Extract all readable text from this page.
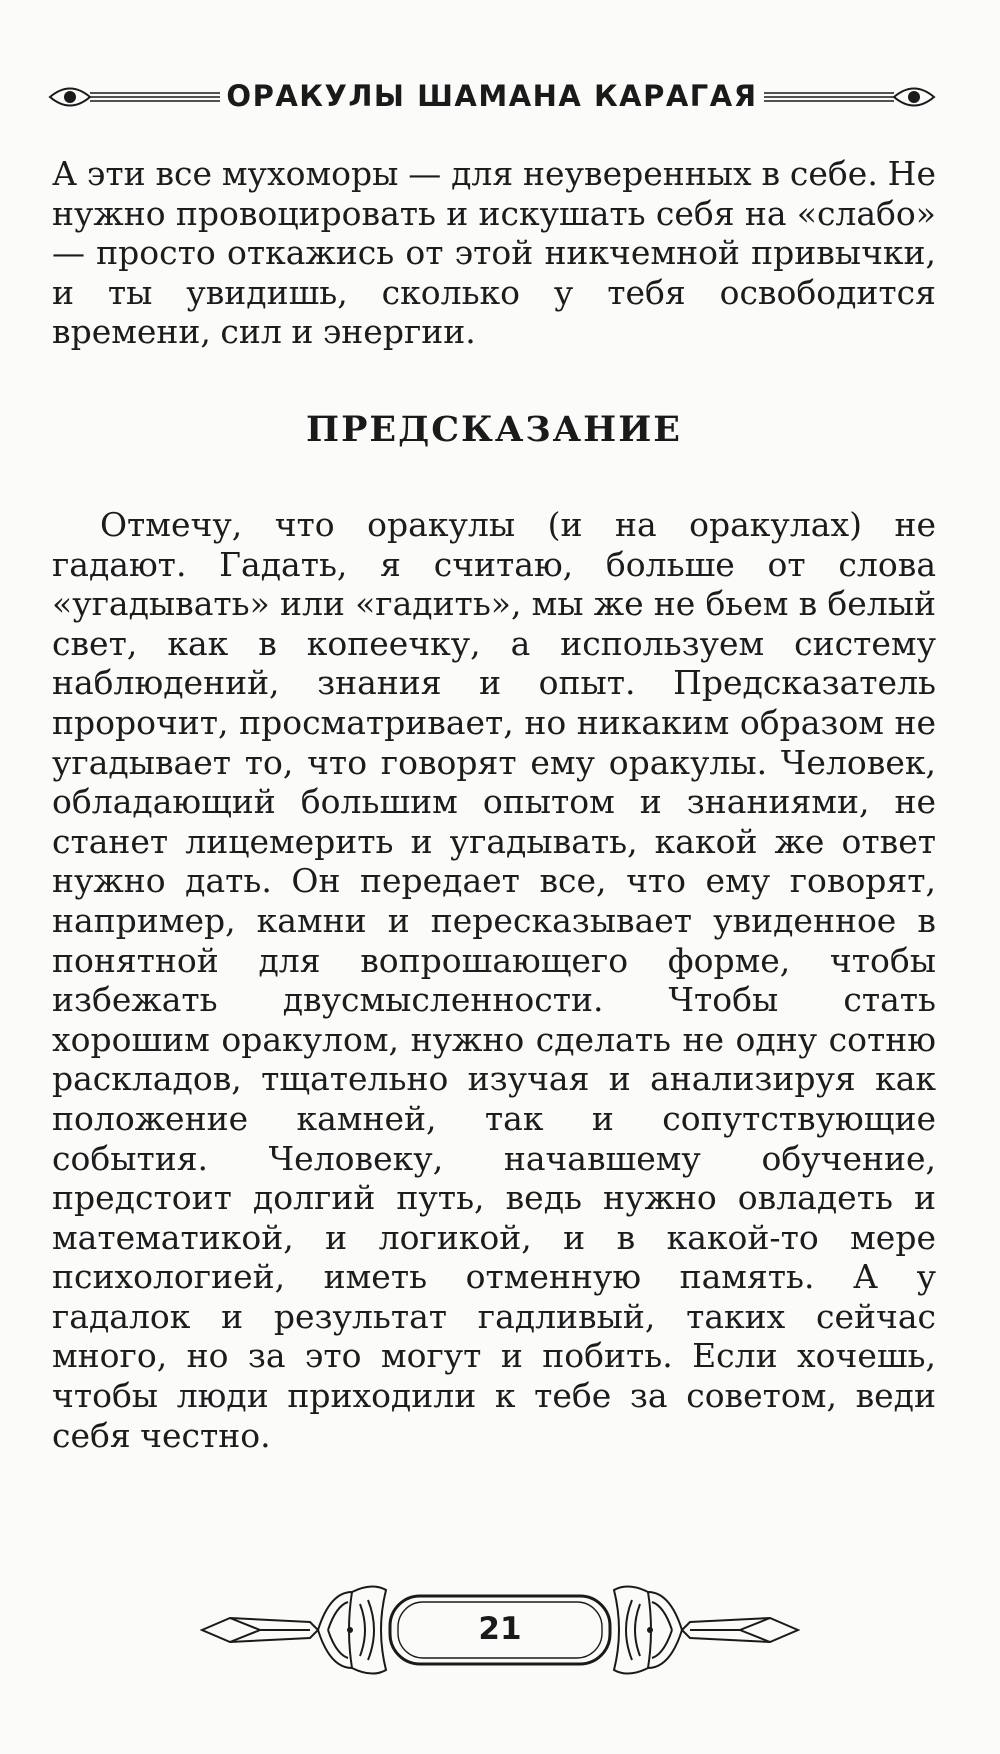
ОРАКУЛЫ ШАМАНА КАРАГАЯ

А эти все мухоморы — для неуверенных в себе. Не нужно провоцировать и искушать себя на «слабо» — просто откажись от этой никчемной привычки, и ты увидишь, сколько у тебя освободится времени, сил и энергии.

ПРЕДСКАЗАНИЕ

Отмечу, что оракулы (и на оракулах) не гадают. Гадать, я считаю, больше от слова «угадывать» или «гадить», мы же не бьем в белый свет, как в копеечку, а используем систему наблюдений, знания и опыт. Предсказатель пророчит, просматривает, но никаким образом не угадывает то, что говорят ему оракулы. Человек, обладающий большим опытом и знаниями, не станет лицемерить и угадывать, какой же ответ нужно дать. Он передает все, что ему говорят, например, камни и пересказывает увиденное в понятной для вопрошающего форме, чтобы избежать двусмысленности. Чтобы стать хорошим оракулом, нужно сделать не одну сотню раскладов, тщательно изучая и анализируя как положение камней, так и сопутствующие события. Человеку, начавшему обучение, предстоит долгий путь, ведь нужно овладеть и математикой, и логикой, и в какой-то мере психологией, иметь отменную память. А у гадалок и результат гадливый, таких сейчас много, но за это могут и побить. Если хочешь, чтобы люди приходили к тебе за советом, веди себя честно.

21
